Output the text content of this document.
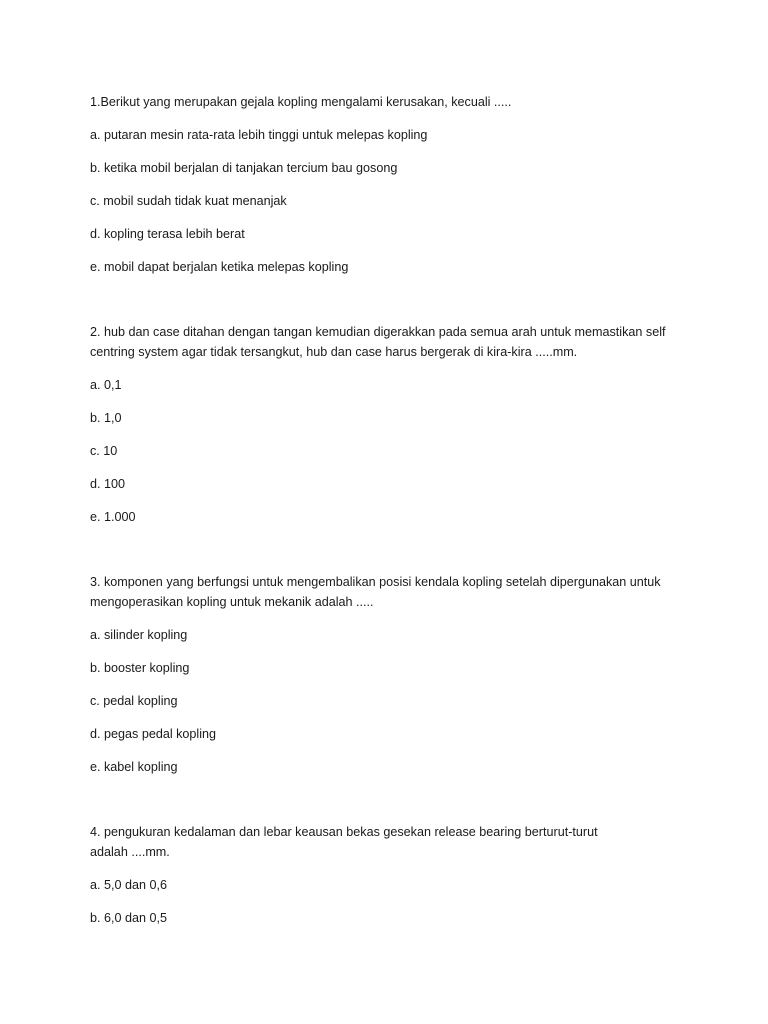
1.Berikut yang merupakan gejala kopling mengalami kerusakan, kecuali .....

a. putaran mesin rata-rata lebih tinggi untuk melepas kopling

b. ketika mobil berjalan di tanjakan tercium bau gosong

c. mobil sudah tidak kuat menanjak

d. kopling terasa lebih berat

e. mobil dapat berjalan ketika melepas kopling

2. hub dan case ditahan dengan tangan kemudian digerakkan pada semua arah untuk memastikan self centring system agar tidak tersangkut, hub dan case harus bergerak di kira-kira .....mm.

a. 0,1

b. 1,0

c. 10

d. 100

e. 1.000

3. komponen yang berfungsi untuk mengembalikan posisi kendala kopling setelah dipergunakan untuk mengoperasikan kopling untuk mekanik adalah .....

a. silinder kopling

b. booster kopling

c. pedal kopling

d. pegas pedal kopling

e. kabel kopling

4. pengukuran kedalaman dan lebar keausan bekas gesekan release bearing berturut-turut
adalah ....mm.

a. 5,0 dan 0,6

b. 6,0 dan 0,5
